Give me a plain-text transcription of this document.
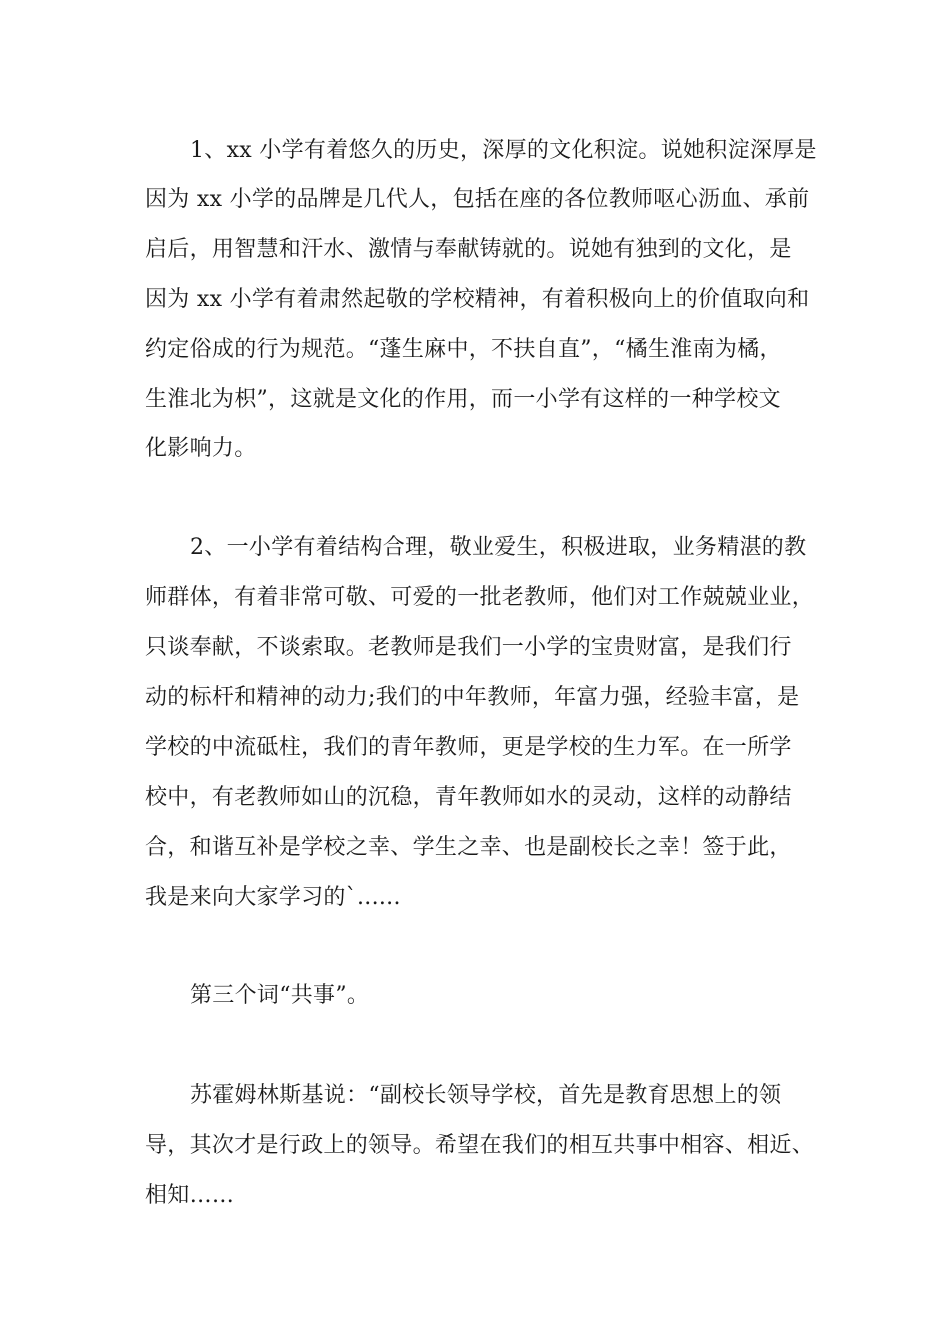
1、xx 小学有着悠久的历史，深厚的文化积淀。说她积淀深厚是
因为 xx 小学的品牌是几代人，包括在座的各位教师呕心沥血、承前
启后，用智慧和汗水、激情与奉献铸就的。说她有独到的文化，是
因为 xx 小学有着肃然起敬的学校精神，有着积极向上的价值取向和
约定俗成的行为规范。“蓬生麻中，不扶自直”，“橘生淮南为橘，
生淮北为枳”，这就是文化的作用，而一小学有这样的一种学校文
化影响力。
2、一小学有着结构合理，敬业爱生，积极进取，业务精湛的教
师群体，有着非常可敬、可爱的一批老教师，他们对工作兢兢业业，
只谈奉献，不谈索取。老教师是我们一小学的宝贵财富，是我们行
动的标杆和精神的动力;我们的中年教师，年富力强，经验丰富，是
学校的中流砥柱，我们的青年教师，更是学校的生力军。在一所学
校中，有老教师如山的沉稳，青年教师如水的灵动，这样的动静结
合，和谐互补是学校之幸、学生之幸、也是副校长之幸！签于此，
我是来向大家学习的`......
第三个词“共事”。
苏霍姆林斯基说：“副校长领导学校，首先是教育思想上的领
导，其次才是行政上的领导。希望在我们的相互共事中相容、相近、
相知……
